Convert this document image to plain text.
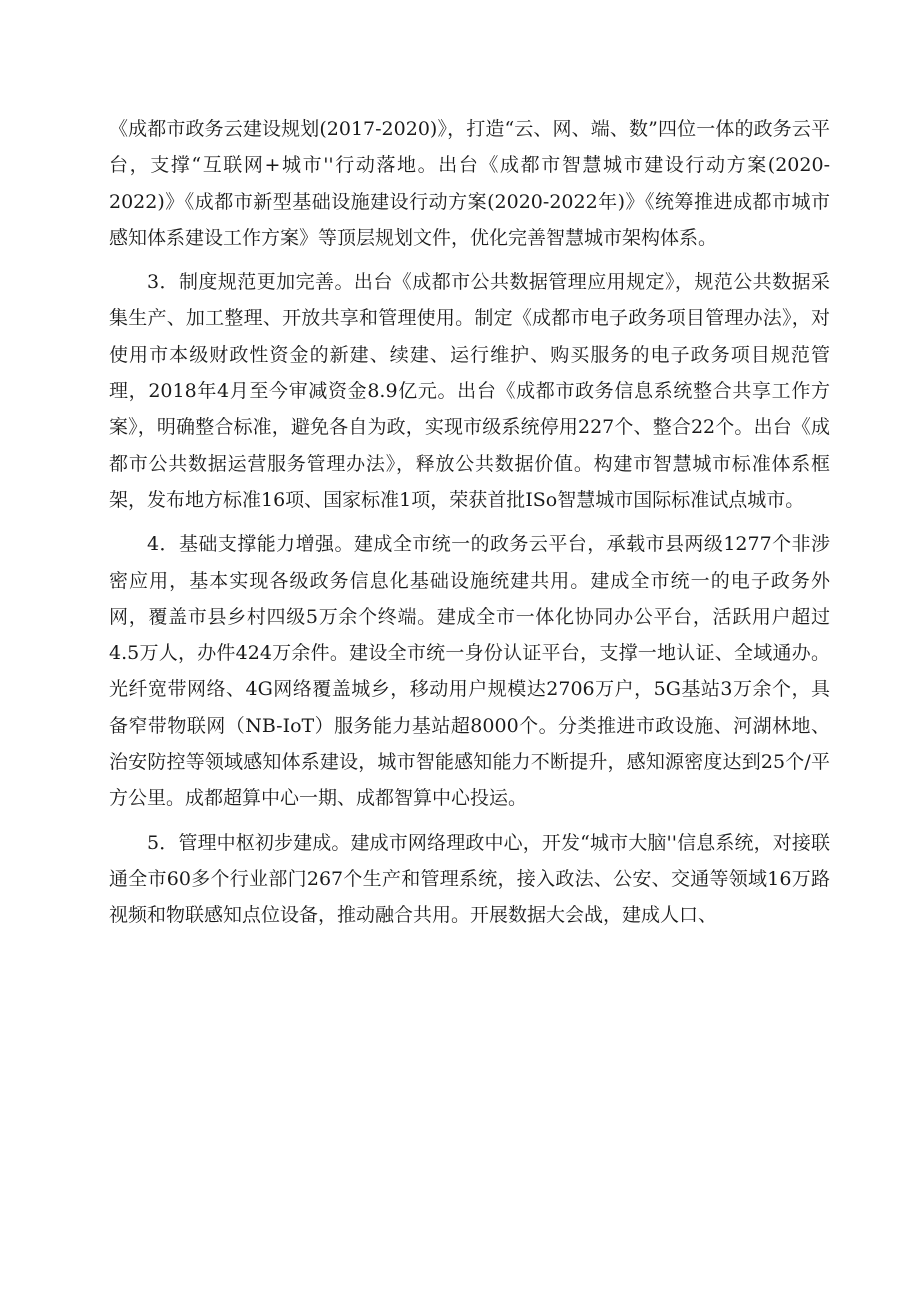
《成都市政务云建设规划(2017-2020)》，打造“云、网、端、数”四位一体的政务云平台，支撑“互联网+城市''行动落地。出台《成都市智慧城市建设行动方案(2020-2022)》《成都市新型基础设施建设行动方案(2020-2022年)》《统筹推进成都市城市感知体系建设工作方案》等顶层规划文件，优化完善智慧城市架构体系。

3．制度规范更加完善。出台《成都市公共数据管理应用规定》，规范公共数据采集生产、加工整理、开放共享和管理使用。制定《成都市电子政务项目管理办法》，对使用市本级财政性资金的新建、续建、运行维护、购买服务的电子政务项目规范管理，2018年4月至今审减资金8.9亿元。出台《成都市政务信息系统整合共享工作方案》，明确整合标准，避免各自为政，实现市级系统停用227个、整合22个。出台《成都市公共数据运营服务管理办法》，释放公共数据价值。构建市智慧城市标准体系框架，发布地方标准16项、国家标准1项，荣获首批ISo智慧城市国际标准试点城市。

4．基础支撑能力增强。建成全市统一的政务云平台，承载市县两级1277个非涉密应用，基本实现各级政务信息化基础设施统建共用。建成全市统一的电子政务外网，覆盖市县乡村四级5万余个终端。建成全市一体化协同办公平台，活跃用户超过4.5万人，办件424万余件。建设全市统一身份认证平台，支撑一地认证、全域通办。光纤宽带网络、4G网络覆盖城乡，移动用户规模达2706万户，5G基站3万余个，具备窄带物联网（NB-IoT）服务能力基站超8000个。分类推进市政设施、河湖林地、治安防控等领域感知体系建设，城市智能感知能力不断提升，感知源密度达到25个/平方公里。成都超算中心一期、成都智算中心投运。

5．管理中枢初步建成。建成市网络理政中心，开发“城市大脑''信息系统，对接联通全市60多个行业部门267个生产和管理系统，接入政法、公安、交通等领域16万路视频和物联感知点位设备，推动融合共用。开展数据大会战，建成人口、
